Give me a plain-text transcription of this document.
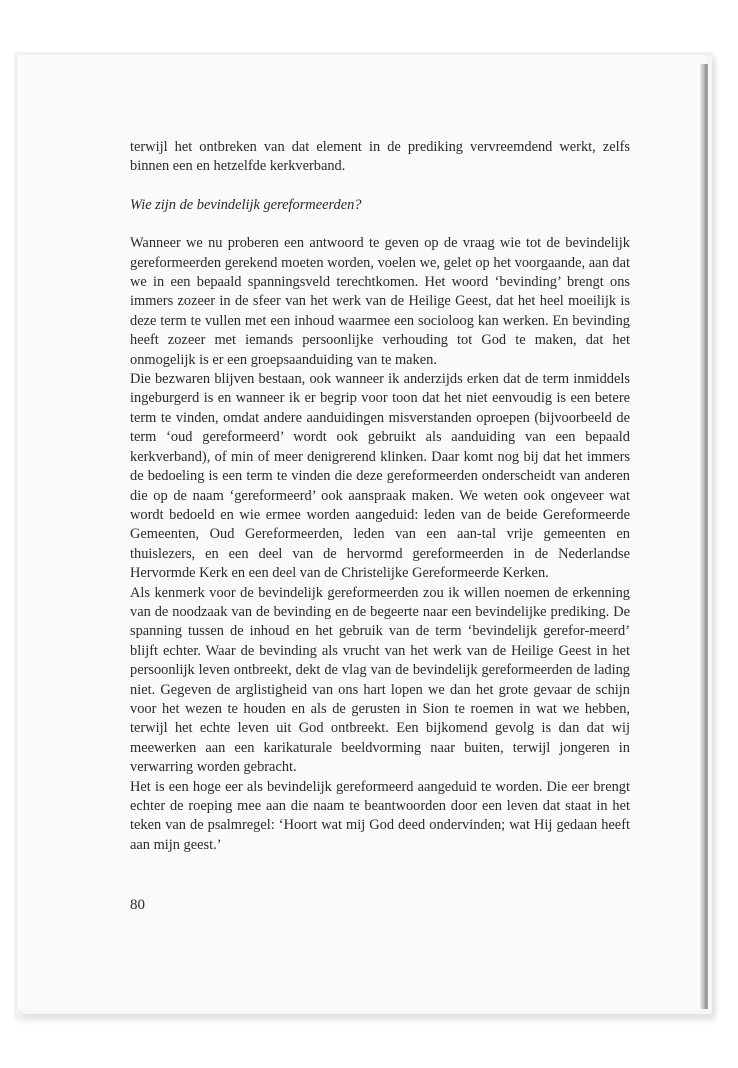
terwijl het ontbreken van dat element in de prediking vervreemdend werkt, zelfs binnen een en hetzelfde kerkverband.

Wie zijn de bevindelijk gereformeerden?

Wanneer we nu proberen een antwoord te geven op de vraag wie tot de bevindelijk gereformeerden gerekend moeten worden, voelen we, gelet op het voorgaande, aan dat we in een bepaald spanningsveld terechtkomen. Het woord ‘bevinding’ brengt ons immers zozeer in de sfeer van het werk van de Heilige Geest, dat het heel moeilijk is deze term te vullen met een inhoud waarmee een socioloog kan werken. En bevinding heeft zozeer met iemands persoonlijke verhouding tot God te maken, dat het onmogelijk is er een groepsaanduiding van te maken.

Die bezwaren blijven bestaan, ook wanneer ik anderzijds erken dat de term inmiddels ingeburgerd is en wanneer ik er begrip voor toon dat het niet eenvoudig is een betere term te vinden, omdat andere aanduidingen misverstanden oproepen (bijvoorbeeld de term ‘oud gereformeerd’ wordt ook gebruikt als aanduiding van een bepaald kerkverband), of min of meer denigrerend klinken. Daar komt nog bij dat het immers de bedoeling is een term te vinden die deze gereformeerden onderscheidt van anderen die op de naam ‘gereformeerd’ ook aanspraak maken. We weten ook ongeveer wat wordt bedoeld en wie ermee worden aangeduid: leden van de beide Gereformeerde Gemeenten, Oud Gereformeerden, leden van een aan-tal vrije gemeenten en thuislezers, en een deel van de hervormd gereformeerden in de Nederlandse Hervormde Kerk en een deel van de Christelijke Gereformeerde Kerken.

Als kenmerk voor de bevindelijk gereformeerden zou ik willen noemen de erkenning van de noodzaak van de bevinding en de begeerte naar een bevindelijke prediking. De spanning tussen de inhoud en het gebruik van de term ‘bevindelijk gerefor-meerd’ blijft echter. Waar de bevinding als vrucht van het werk van de Heilige Geest in het persoonlijk leven ontbreekt, dekt de vlag van de bevindelijk gereformeerden de lading niet. Gegeven de arglistigheid van ons hart lopen we dan het grote gevaar de schijn voor het wezen te houden en als de gerusten in Sion te roemen in wat we hebben, terwijl het echte leven uit God ontbreekt. Een bijkomend gevolg is dan dat wij meewerken aan een karikaturale beeldvorming naar buiten, terwijl jongeren in verwarring worden gebracht.

Het is een hoge eer als bevindelijk gereformeerd aangeduid te worden. Die eer brengt echter de roeping mee aan die naam te beantwoorden door een leven dat staat in het teken van de psalmregel: ‘Hoort wat mij God deed ondervinden; wat Hij gedaan heeft aan mijn geest.’

80
